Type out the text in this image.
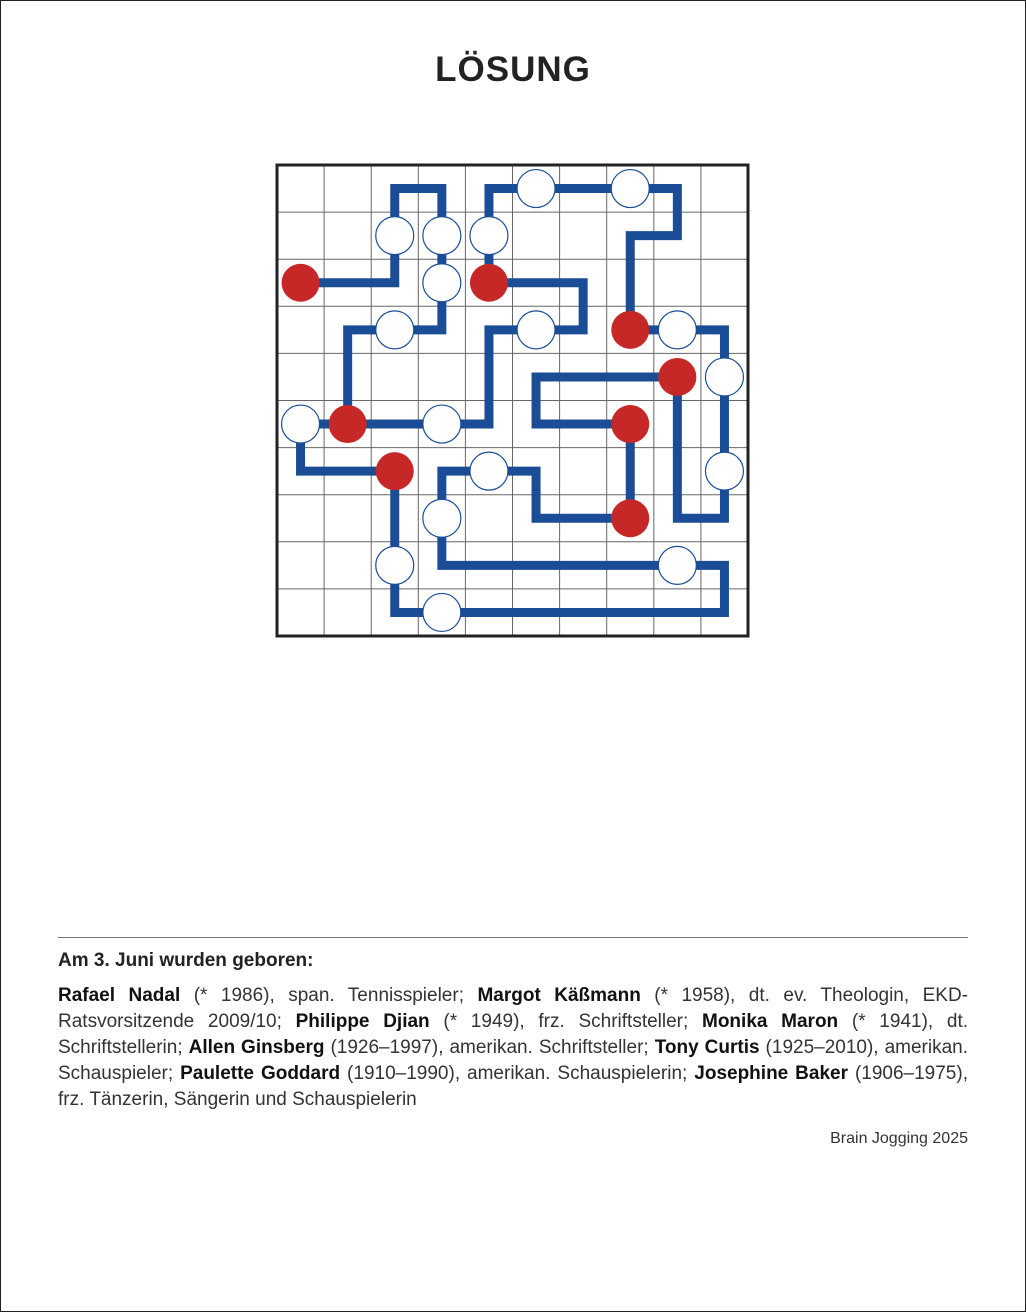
LÖSUNG
Am 3. Juni wurden geboren:
Rafael Nadal (* 1986), span. Tennisspieler; Margot Käßmann (* 1958), dt. ev. Theologin, EKD-Ratsvorsitzende 2009/10; Philippe Djian (* 1949), frz. Schriftsteller; Monika Maron (* 1941), dt. Schriftstellerin; Allen Ginsberg (1926–1997), amerikan. Schriftsteller; Tony Curtis (1925–2010), amerikan. Schauspieler; Paulette Goddard (1910–1990), amerikan. Schauspielerin; Josephine Baker (1906–1975), frz. Tänzerin, Sängerin und Schauspielerin
Brain Jogging 2025
